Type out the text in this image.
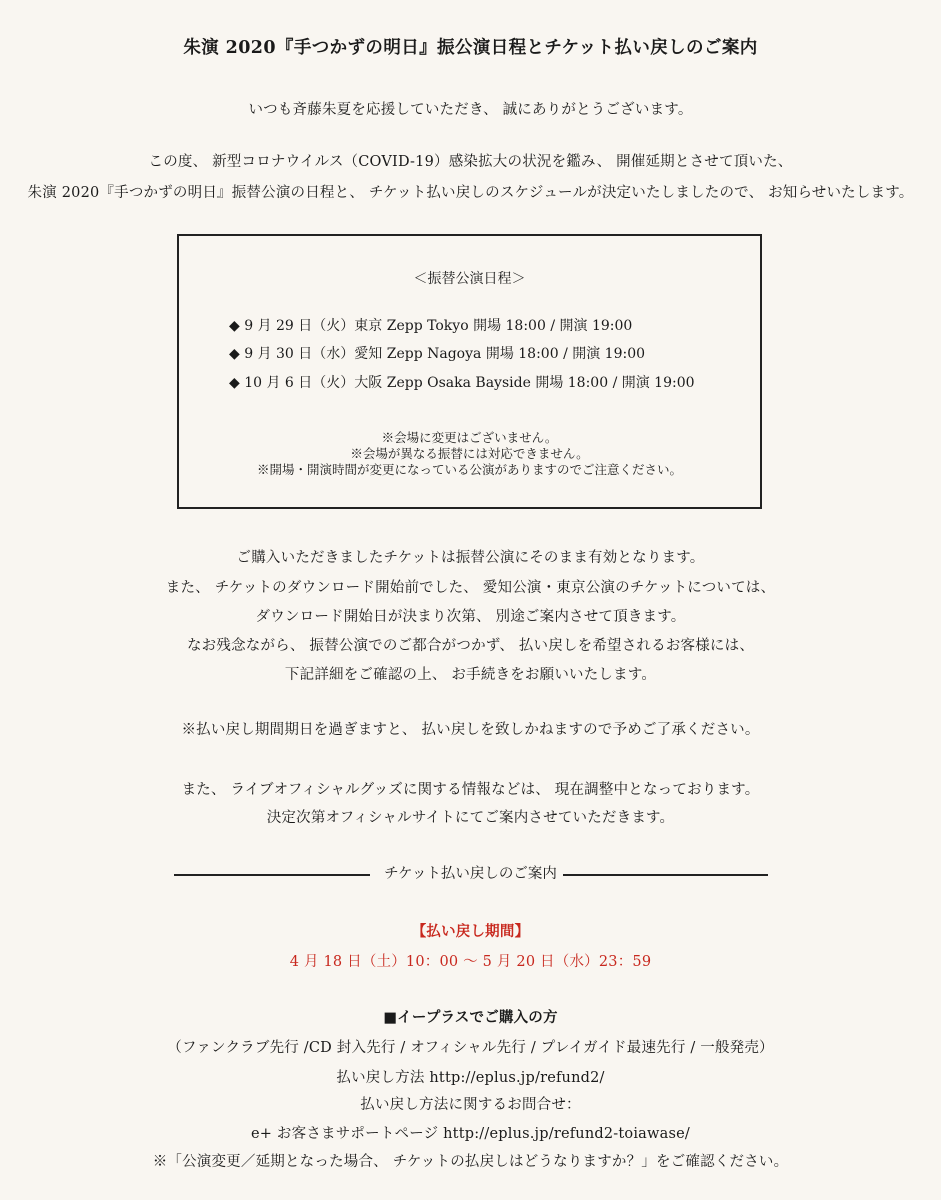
朱演 2020『手つかずの明日』振公演日程とチケット払い戻しのご案内
いつも斉藤朱夏を応援していただき、 誠にありがとうございます。
この度、 新型コロナウイルス（COVID-19）感染拡大の状況を鑑み、 開催延期とさせて頂いた、
朱演 2020『手つかずの明日』振替公演の日程と、 チケット払い戻しのスケジュールが決定いたしましたので、 お知らせいたします。
＜振替公演日程＞
◆ 9 月 29 日（火）東京 Zepp Tokyo 開場 18:00 / 開演 19:00
◆ 9 月 30 日（水）愛知 Zepp Nagoya 開場 18:00 / 開演 19:00
◆ 10 月 6 日（火）大阪 Zepp Osaka Bayside 開場 18:00 / 開演 19:00
※会場に変更はございません。
※会場が異なる振替には対応できません。
※開場・開演時間が変更になっている公演がありますのでご注意ください。
ご購入いただきましたチケットは振替公演にそのまま有効となります。
また、 チケットのダウンロード開始前でした、 愛知公演・東京公演のチケットについては、
ダウンロード開始日が決まり次第、 別途ご案内させて頂きます。
なお残念ながら、 振替公演でのご都合がつかず、 払い戻しを希望されるお客様には、
下記詳細をご確認の上、 お手続きをお願いいたします。
※払い戻し期間期日を過ぎますと、 払い戻しを致しかねますので予めご了承ください。
また、 ライブオフィシャルグッズに関する情報などは、 現在調整中となっております。
決定次第オフィシャルサイトにてご案内させていただきます。
チケット払い戻しのご案内
【払い戻し期間】
4 月 18 日（土）10：00 ～ 5 月 20 日（水）23：59
■イープラスでご購入の方
（ファンクラブ先行 /CD 封入先行 / オフィシャル先行 / プレイガイド最速先行 / 一般発売）
払い戻し方法 http://eplus.jp/refund2/
払い戻し方法に関するお問合せ：
e+ お客さまサポートページ http://eplus.jp/refund2-toiawase/
※「公演変更／延期となった場合、 チケットの払戻しはどうなりますか？」をご確認ください。
